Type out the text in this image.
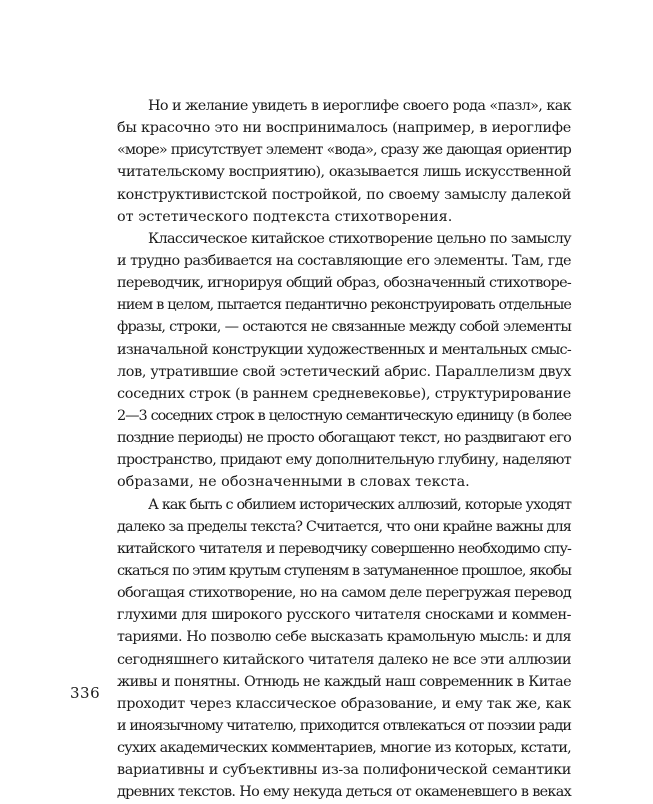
Но и желание увидеть в иероглифе своего рода «пазл», как
бы красочно это ни воспринималось (например, в иероглифе
«море» присутствует элемент «вода», сразу же дающая ориентир
читательскому восприятию), оказывается лишь искусственной
конструктивистской постройкой, по своему замыслу далекой
от эстетического подтекста стихотворения.
Классическое китайское стихотворение цельно по замыслу
и трудно разбивается на составляющие его элементы. Там, где
переводчик, игнорируя общий образ, обозначенный стихотворе-
нием в целом, пытается педантично реконструировать отдельные
фразы, строки, — остаются не связанные между собой элементы
изначальной конструкции художественных и ментальных смыс-
лов, утратившие свой эстетический абрис. Параллелизм двух
соседних строк (в раннем средневековье), структурирование
2—3 соседних строк в целостную семантическую единицу (в более
поздние периоды) не просто обогащают текст, но раздвигают его
пространство, придают ему дополнительную глубину, наделяют
образами, не обозначенными в словах текста.
А как быть с обилием исторических аллюзий, которые уходят
далеко за пределы текста? Считается, что они крайне важны для
китайского читателя и переводчику совершенно необходимо спу-
скаться по этим крутым ступеням в затуманенное прошлое, якобы
обогащая стихотворение, но на самом деле перегружая перевод
глухими для широкого русского читателя сносками и коммен-
тариями. Но позволю себе высказать крамольную мысль: и для
сегодняшнего китайского читателя далеко не все эти аллюзии
живы и понятны. Отнюдь не каждый наш современник в Китае
проходит через классическое образование, и ему так же, как
и иноязычному читателю, приходится отвлекаться от поэзии ради
сухих академических комментариев, многие из которых, кстати,
вариативны и субъективны из-за полифонической семантики
древних текстов. Но ему некуда деться от окаменевшего в веках
336
